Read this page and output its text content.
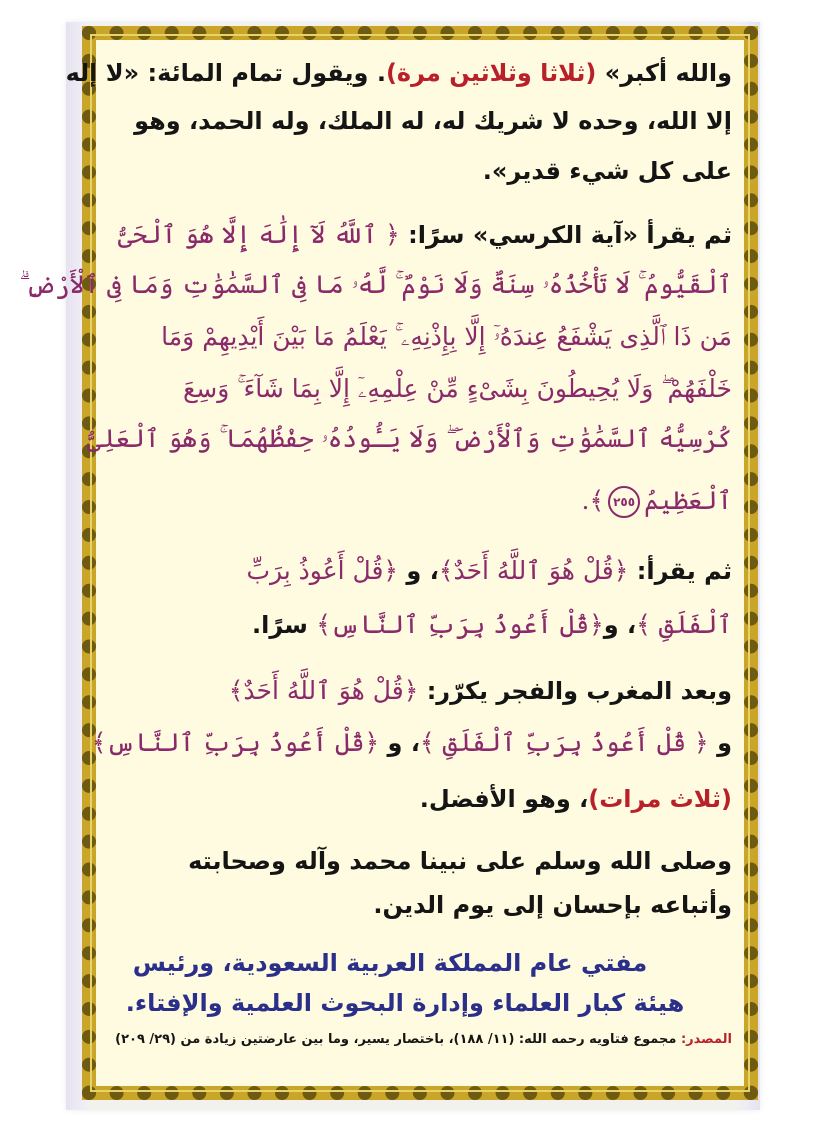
والله أكبر» (ثلاثا وثلاثين مرة). ويقول تمام المائة: «لا إله
إلا الله، وحده لا شريك له، له الملك، وله الحمد، وهو
على كل شيء قدير».
ثم يقرأ «آية الكرسي» سرًا: ﴿ ٱللَّهُ لَآ إِلَٰهَ إِلَّا هُوَ ٱلْحَىُّ
ٱلْقَيُّومُ ۚ لَا تَأْخُذُهُۥ سِنَةٌ وَلَا نَوْمٌ ۚ لَّهُۥ مَا فِى ٱلسَّمَٰوَٰتِ وَمَا فِى ٱلْأَرْضِ ۗ
مَن ذَا ٱلَّذِى يَشْفَعُ عِندَهُۥٓ إِلَّا بِإِذْنِهِۦ ۚ يَعْلَمُ مَا بَيْنَ أَيْدِيهِمْ وَمَا
خَلْفَهُمْ ۖ وَلَا يُحِيطُونَ بِشَىْءٍ مِّنْ عِلْمِهِۦٓ إِلَّا بِمَا شَآءَ ۚ وَسِعَ
كُرْسِيُّهُ ٱلسَّمَٰوَٰتِ وَٱلْأَرْضَ ۖ وَلَا يَـُٔودُهُۥ حِفْظُهُمَا ۚ وَهُوَ ٱلْعَلِىُّ
ٱلْعَظِيمُ٢٥٥﴾.
ثم يقرأ: ﴿قُلْ هُوَ ٱللَّهُ أَحَدٌ﴾، و ﴿قُلْ أَعُوذُ بِرَبِّ
ٱلْفَلَقِ ﴾، و﴿قُلْ أَعُوذُ بِرَبِّ ٱلنَّاسِ﴾ سرًا.
وبعد المغرب والفجر يكرّر: ﴿قُلْ هُوَ ٱللَّهُ أَحَدٌ﴾
و ﴿ قُلْ أَعُوذُ بِرَبِّ ٱلْفَلَقِ ﴾، و ﴿قُلْ أَعُوذُ بِرَبِّ ٱلنَّاسِ﴾
(ثلاث مرات)، وهو الأفضل.
وصلى الله وسلم على نبينا محمد وآله وصحابته
وأتباعه بإحسان إلى يوم الدين.
مفتي عام المملكة العربية السعودية، ورئيس
هيئة كبار العلماء وإدارة البحوث العلمية والإفتاء.
المصدر: مجموع فتاويه رحمه الله: (١١/ ١٨٨)، باختصار يسير، وما بين عارضتين زيادة من (٢٩/ ٢٠٩)
